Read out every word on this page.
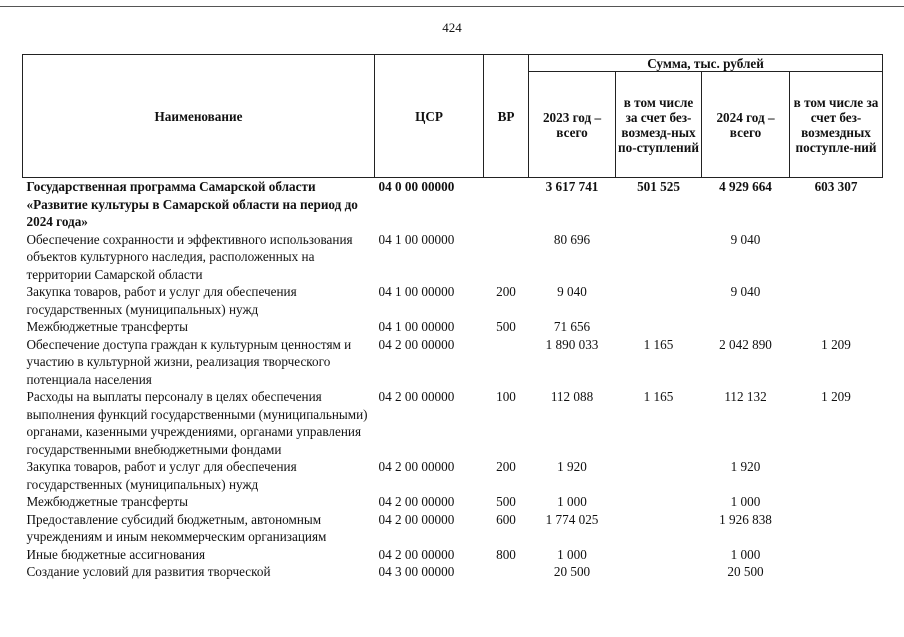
424
Наименование	ЦСР	ВР	Сумма, тыс. рублей			
			2023 год – всего	в том числе за счет без-возмезд-ных по-ступлений	2024 год – всего	в том числе за счет без-возмездных поступле-ний
Государственная программа Самарской области «Развитие культуры в Самарской области на период до 2024 года»	04 0 00 00000		3 617 741	501 525	4 929 664	603 307
Обеспечение сохранности и эффективного использования объектов культурного наследия, расположенных на территории Самарской области	04 1 00 00000		80 696		9 040	
Закупка товаров, работ и услуг для обеспечения государственных (муниципальных) нужд	04 1 00 00000	200	9 040		9 040	
Межбюджетные трансферты	04 1 00 00000	500	71 656			
Обеспечение доступа граждан к культурным ценностям и участию в культурной жизни, реализация творческого потенциала населения	04 2 00 00000		1 890 033	1 165	2 042 890	1 209
Расходы на выплаты персоналу в целях обеспечения выполнения функций государственными (муниципальными) органами, казенными учреждениями, органами управления государственными внебюджетными фондами	04 2 00 00000	100	112 088	1 165	112 132	1 209
Закупка товаров, работ и услуг для обеспечения государственных (муниципальных) нужд	04 2 00 00000	200	1 920		1 920	
Межбюджетные трансферты	04 2 00 00000	500	1 000		1 000	
Предоставление субсидий бюджетным, автономным учреждениям и иным некоммерческим организациям	04 2 00 00000	600	1 774 025		1 926 838	
Иные бюджетные ассигнования	04 2 00 00000	800	1 000		1 000	
Создание условий для развития творческой	04 3 00 00000		20 500		20 500	
